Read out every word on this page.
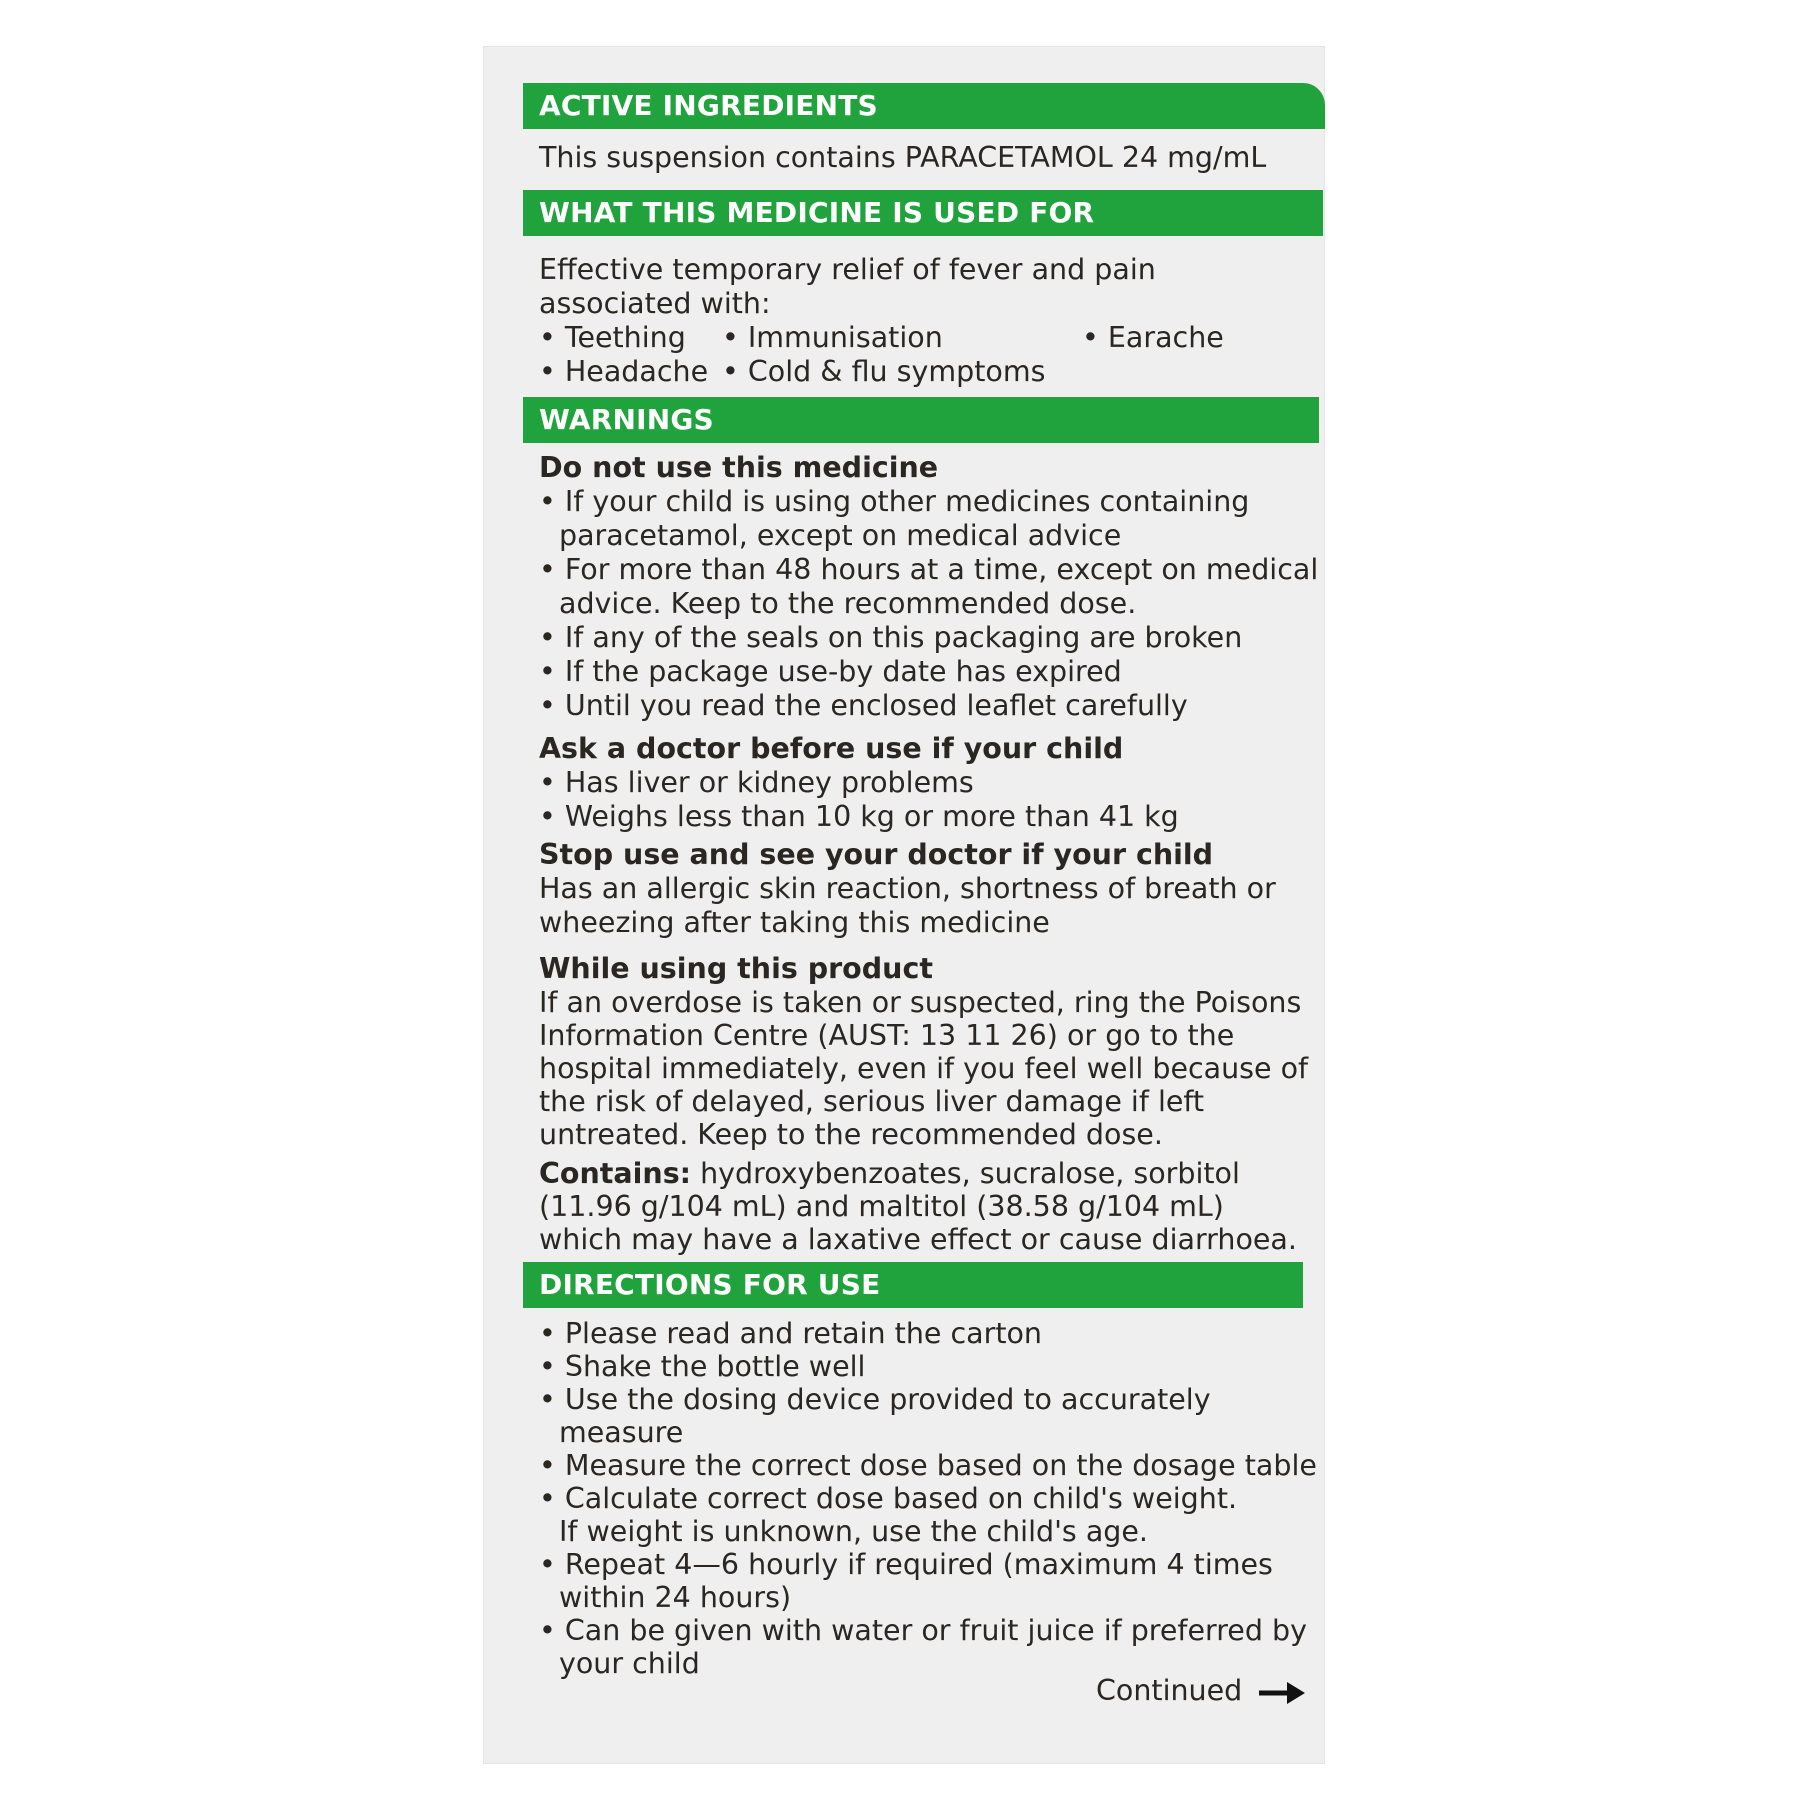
ACTIVE INGREDIENTS
This suspension contains PARACETAMOL 24 mg/mL
WHAT THIS MEDICINE IS USED FOR
Effective temporary relief of fever and pain
associated with:
• Teething	• Immunisation	• Earache
• Headache	• Cold & flu symptoms
WARNINGS
Do not use this medicine
• If your child is using other medicines containing
paracetamol, except on medical advice
• For more than 48 hours at a time, except on medical
advice. Keep to the recommended dose.
• If any of the seals on this packaging are broken
• If the package use-by date has expired
• Until you read the enclosed leaflet carefully
Ask a doctor before use if your child
• Has liver or kidney problems
• Weighs less than 10 kg or more than 41 kg
Stop use and see your doctor if your child
Has an allergic skin reaction, shortness of breath or
wheezing after taking this medicine
While using this product
If an overdose is taken or suspected, ring the Poisons
Information Centre (AUST: 13 11 26) or go to the
hospital immediately, even if you feel well because of
the risk of delayed, serious liver damage if left
untreated. Keep to the recommended dose.
Contains: hydroxybenzoates, sucralose, sorbitol
(11.96 g/104 mL) and maltitol (38.58 g/104 mL)
which may have a laxative effect or cause diarrhoea.
DIRECTIONS FOR USE
• Please read and retain the carton
• Shake the bottle well
• Use the dosing device provided to accurately
measure
• Measure the correct dose based on the dosage table
• Calculate correct dose based on child's weight.
If weight is unknown, use the child's age.
• Repeat 4—6 hourly if required (maximum 4 times
within 24 hours)
• Can be given with water or fruit juice if preferred by
your child
Continued
